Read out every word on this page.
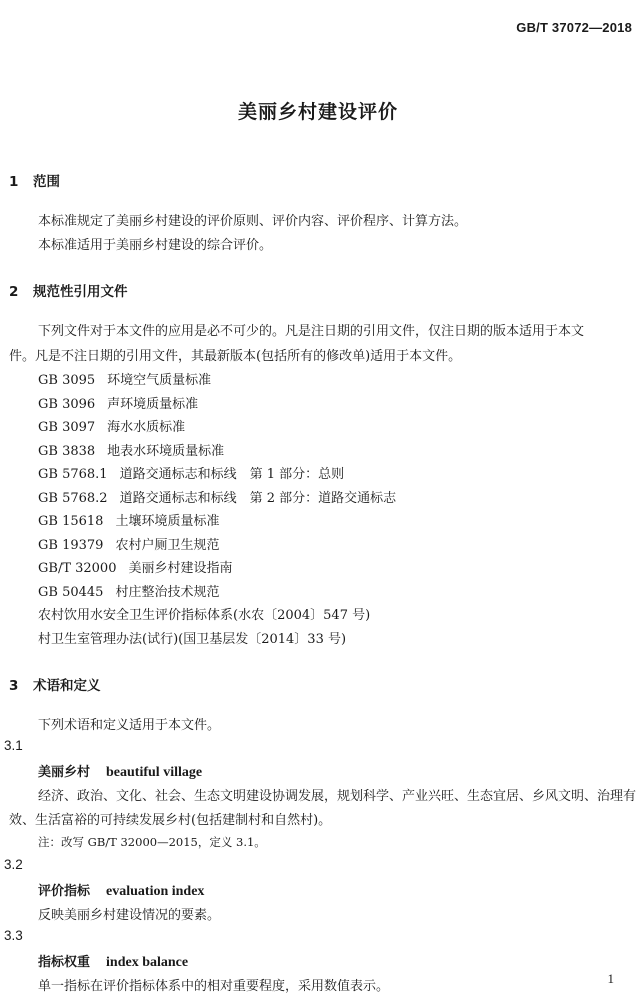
GB/T 37072—2018
美丽乡村建设评价
1 范围
本标准规定了美丽乡村建设的评价原则、评价内容、评价程序、计算方法。
本标准适用于美丽乡村建设的综合评价。
2 规范性引用文件
下列文件对于本文件的应用是必不可少的。凡是注日期的引用文件，仅注日期的版本适用于本文
件。凡是不注日期的引用文件，其最新版本(包括所有的修改单)适用于本文件。
GB 3095 环境空气质量标准
GB 3096 声环境质量标准
GB 3097 海水水质标准
GB 3838 地表水环境质量标准
GB 5768.1 道路交通标志和标线　第 1 部分：总则
GB 5768.2 道路交通标志和标线　第 2 部分：道路交通标志
GB 15618 土壤环境质量标准
GB 19379 农村户厕卫生规范
GB/T 32000 美丽乡村建设指南
GB 50445 村庄整治技术规范
农村饮用水安全卫生评价指标体系(水农〔2004〕547 号)
村卫生室管理办法(试行)(国卫基层发〔2014〕33 号)
3 术语和定义
下列术语和定义适用于本文件。
3.1
美丽乡村 beautiful village
经济、政治、文化、社会、生态文明建设协调发展，规划科学、产业兴旺、生态宜居、乡风文明、治理有
效、生活富裕的可持续发展乡村(包括建制村和自然村)。
注：改写 GB/T 32000—2015，定义 3.1。
3.2
评价指标 evaluation index
反映美丽乡村建设情况的要素。
3.3
指标权重 index balance
单一指标在评价指标体系中的相对重要程度，采用数值表示。
1
